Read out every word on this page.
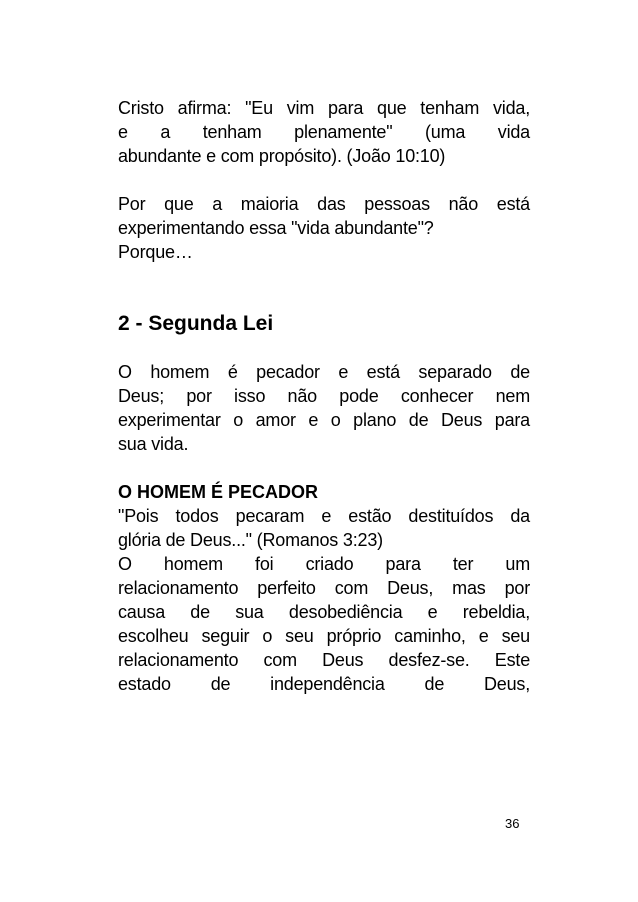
Cristo afirma: "Eu vim para que tenham vida,
e a tenham plenamente" (uma vida
abundante e com propósito). (João 10:10)

Por que a maioria das pessoas não está
experimentando essa "vida abundante"?
Porque…

2 - Segunda Lei

O homem é pecador e está separado de
Deus; por isso não pode conhecer nem
experimentar o amor e o plano de Deus para
sua vida.

O HOMEM É PECADOR

"Pois todos pecaram e estão destituídos da
glória de Deus..." (Romanos 3:23)
O homem foi criado para ter um
relacionamento perfeito com Deus, mas por
causa de sua desobediência e rebeldia,
escolheu seguir o seu próprio caminho, e seu
relacionamento com Deus desfez-se. Este
estado de independência de Deus,

36
